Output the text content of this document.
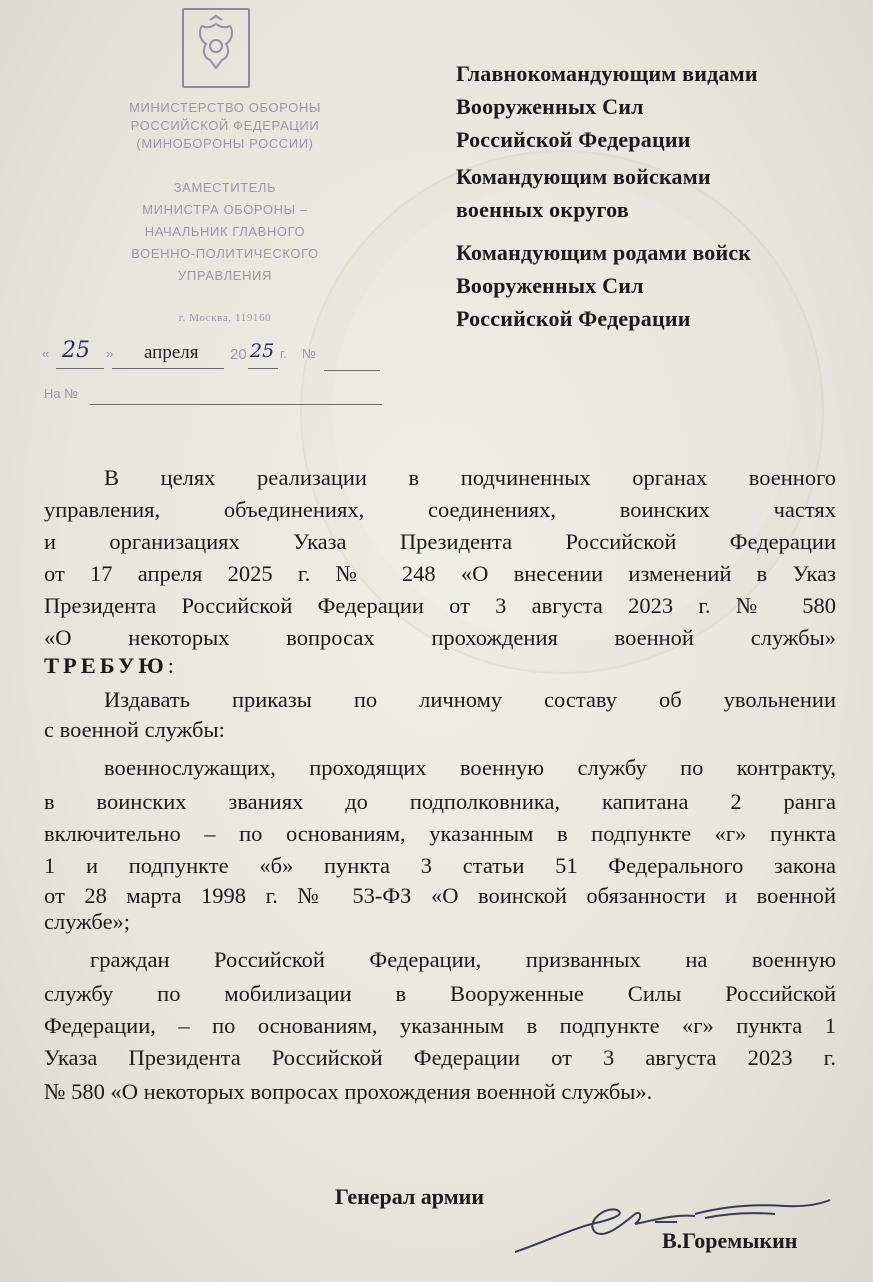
МИНИСТЕРСТВО ОБОРОНЫ
РОССИЙСКОЙ ФЕДЕРАЦИИ
(МИНОБОРОНЫ РОССИИ)
ЗАМЕСТИТЕЛЬ
МИНИСТРА ОБОРОНЫ –
НАЧАЛЬНИК ГЛАВНОГО
ВОЕННО-ПОЛИТИЧЕСКОГО
УПРАВЛЕНИЯ
г. Москва, 119160
« 25 » апреля 20 25 г. №
На №
Главнокомандующим видами
Вооруженных Сил
Российской Федерации
Командующим войсками
военных округов
Командующим родами войск
Вооруженных Сил
Российской Федерации
В целях реализации в подчиненных органах военного
управления, объединениях, соединениях, воинских частях
и организациях Указа Президента Российской Федерации
от 17 апреля 2025 г. № 248 «О внесении изменений в Указ
Президента Российской Федерации от 3 августа 2023 г. № 580
«О некоторых вопросах прохождения военной службы»
ТРЕБУЮ:
Издавать приказы по личному составу об увольнении
с военной службы:
военнослужащих, проходящих военную службу по контракту,
в воинских званиях до подполковника, капитана 2 ранга
включительно – по основаниям, указанным в подпункте «г» пункта
1 и подпункте «б» пункта 3 статьи 51 Федерального закона
от 28 марта 1998 г. № 53-ФЗ «О воинской обязанности и военной
службе»;
граждан Российской Федерации, призванных на военную
службу по мобилизации в Вооруженные Силы Российской
Федерации, – по основаниям, указанным в подпункте «г» пункта 1
Указа Президента Российской Федерации от 3 августа 2023 г.
№ 580 «О некоторых вопросах прохождения военной службы».
Генерал армии
В.Горемыкин
